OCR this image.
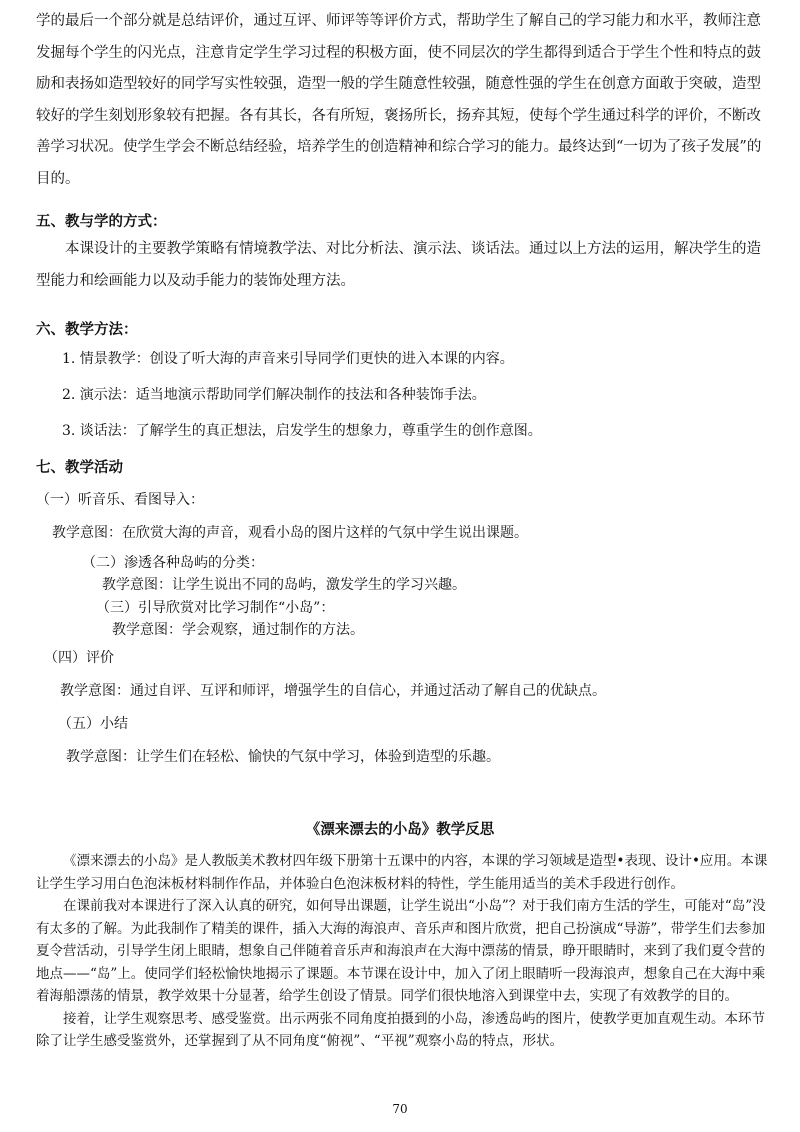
学的最后一个部分就是总结评价，通过互评、师评等等评价方式，帮助学生了解自己的学习能力和水平，教师注意发掘每个学生的闪光点，注意肯定学生学习过程的积极方面，使不同层次的学生都得到适合于学生个性和特点的鼓励和表扬如造型较好的同学写实性较强，造型一般的学生随意性较强，随意性强的学生在创意方面敢于突破，造型较好的学生刻划形象较有把握。各有其长，各有所短，褒扬所长，扬弃其短，使每个学生通过科学的评价，不断改善学习状况。使学生学会不断总结经验，培养学生的创造精神和综合学习的能力。最终达到“一切为了孩子发展”的目的。

五、教与学的方式：

本课设计的主要教学策略有情境教学法、对比分析法、演示法、谈话法。通过以上方法的运用，解决学生的造型能力和绘画能力以及动手能力的装饰处理方法。

六、教学方法：
1. 情景教学：创设了听大海的声音来引导同学们更快的进入本课的内容。
2. 演示法：适当地演示帮助同学们解决制作的技法和各种装饰手法。
3. 谈话法：了解学生的真正想法，启发学生的想象力，尊重学生的创作意图。
七、教学活动
（一）听音乐、看图导入：
教学意图：在欣赏大海的声音，观看小岛的图片这样的气氛中学生说出课题。
（二）渗透各种岛屿的分类：
教学意图：让学生说出不同的岛屿，激发学生的学习兴趣。
（三）引导欣赏对比学习制作“小岛”：
教学意图：学会观察，通过制作的方法。
（四）评价
教学意图：通过自评、互评和师评，增强学生的自信心，并通过活动了解自己的优缺点。
（五）小结
教学意图：让学生们在轻松、愉快的气氛中学习，体验到造型的乐趣。
《漂来漂去的小岛》教学反思

《漂来漂去的小岛》是人教版美术教材四年级下册第十五课中的内容，本课的学习领域是造型•表现、设计•应用。本课让学生学习用白色泡沫板材料制作作品，并体验白色泡沫板材料的特性，学生能用适当的美术手段进行创作。

在课前我对本课进行了深入认真的研究，如何导出课题，让学生说出“小岛”？对于我们南方生活的学生，可能对“岛”没有太多的了解。为此我制作了精美的课件，插入大海的海浪声、音乐声和图片欣赏，把自己扮演成“导游”，带学生们去参加夏令营活动，引导学生闭上眼睛，想象自己伴随着音乐声和海浪声在大海中漂荡的情景，睁开眼睛时，来到了我们夏令营的地点——“岛”上。使同学们轻松愉快地揭示了课题。本节课在设计中，加入了闭上眼睛听一段海浪声，想象自己在大海中乘着海船漂荡的情景，教学效果十分显著，给学生创设了情景。同学们很快地溶入到课堂中去，实现了有效教学的目的。

接着，让学生观察思考、感受鉴赏。出示两张不同角度拍摄到的小岛，渗透岛屿的图片，使教学更加直观生动。本环节除了让学生感受鉴赏外，还掌握到了从不同角度“俯视”、“平视”观察小岛的特点，形状。

70
